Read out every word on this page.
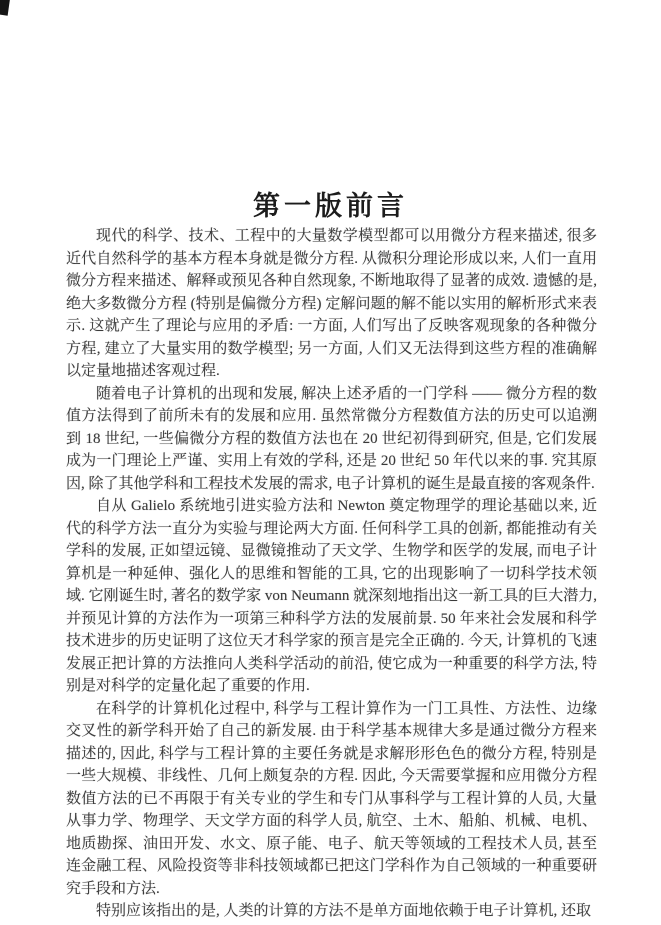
第一版前言

现代的科学、技术、工程中的大量数学模型都可以用微分方程来描述, 很多近代自然科学的基本方程本身就是微分方程. 从微积分理论形成以来, 人们一直用微分方程来描述、解释或预见各种自然现象, 不断地取得了显著的成效. 遗憾的是, 绝大多数微分方程 (特别是偏微分方程) 定解问题的解不能以实用的解析形式来表示. 这就产生了理论与应用的矛盾: 一方面, 人们写出了反映客观现象的各种微分方程, 建立了大量实用的数学模型; 另一方面, 人们又无法得到这些方程的准确解以定量地描述客观过程.

随着电子计算机的出现和发展, 解决上述矛盾的一门学科 —— 微分方程的数值方法得到了前所未有的发展和应用. 虽然常微分方程数值方法的历史可以追溯到 18 世纪, 一些偏微分方程的数值方法也在 20 世纪初得到研究, 但是, 它们发展成为一门理论上严谨、实用上有效的学科, 还是 20 世纪 50 年代以来的事. 究其原因, 除了其他学科和工程技术发展的需求, 电子计算机的诞生是最直接的客观条件.

自从 Galielo 系统地引进实验方法和 Newton 奠定物理学的理论基础以来, 近代的科学方法一直分为实验与理论两大方面. 任何科学工具的创新, 都能推动有关学科的发展, 正如望远镜、显微镜推动了天文学、生物学和医学的发展, 而电子计算机是一种延伸、强化人的思维和智能的工具, 它的出现影响了一切科学技术领域. 它刚诞生时, 著名的数学家 von Neumann 就深刻地指出这一新工具的巨大潜力, 并预见计算的方法作为一项第三种科学方法的发展前景. 50 年来社会发展和科学技术进步的历史证明了这位天才科学家的预言是完全正确的. 今天, 计算机的飞速发展正把计算的方法推向人类科学活动的前沿, 使它成为一种重要的科学方法, 特别是对科学的定量化起了重要的作用.

在科学的计算机化过程中, 科学与工程计算作为一门工具性、方法性、边缘交叉性的新学科开始了自己的新发展. 由于科学基本规律大多是通过微分方程来描述的, 因此, 科学与工程计算的主要任务就是求解形形色色的微分方程, 特别是一些大规模、非线性、几何上颇复杂的方程. 因此, 今天需要掌握和应用微分方程数值方法的已不再限于有关专业的学生和专门从事科学与工程计算的人员, 大量从事力学、物理学、天文学方面的科学人员, 航空、土木、船舶、机械、电机、地质勘探、油田开发、水文、原子能、电子、航天等领域的工程技术人员, 甚至连金融工程、风险投资等非科技领域都已把这门学科作为自己领域的一种重要研究手段和方法.

特别应该指出的是, 人类的计算的方法不是单方面地依赖于电子计算机, 还取
